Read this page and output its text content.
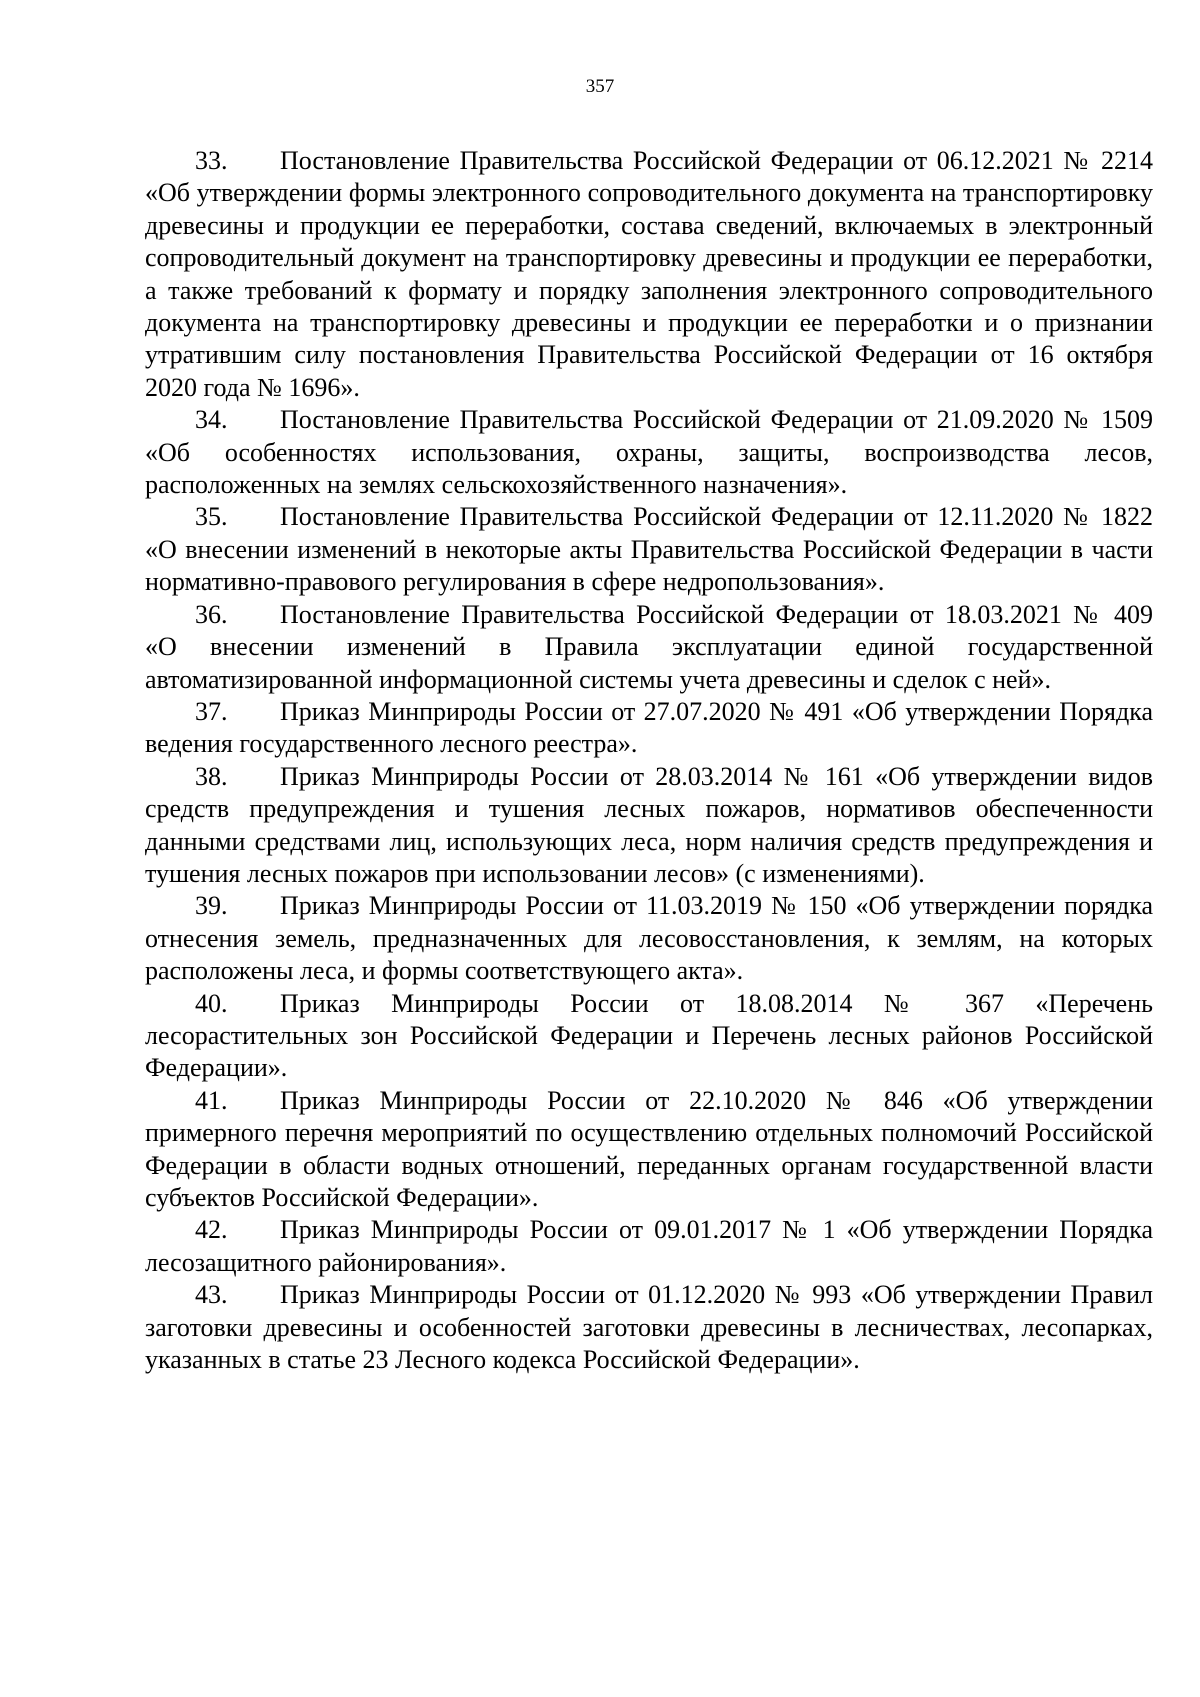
357

33. Постановление Правительства Российской Федерации от 06.12.2021 № 2214 «Об утверждении формы электронного сопроводительного документа на транспортировку древесины и продукции ее переработки, состава сведений, включаемых в электронный сопроводительный документ на транспортировку древесины и продукции ее переработки, а также требований к формату и порядку заполнения электронного сопроводительного документа на транспортировку древесины и продукции ее переработки и о признании утратившим силу постановления Правительства Российской Федерации от 16 октября 2020 года № 1696».

34. Постановление Правительства Российской Федерации от 21.09.2020 № 1509 «Об особенностях использования, охраны, защиты, воспроизводства лесов, расположенных на землях сельскохозяйственного назначения».

35. Постановление Правительства Российской Федерации от 12.11.2020 № 1822 «О внесении изменений в некоторые акты Правительства Российской Федерации в части нормативно-правового регулирования в сфере недропользования».

36. Постановление Правительства Российской Федерации от 18.03.2021 № 409 «О внесении изменений в Правила эксплуатации единой государственной автоматизированной информационной системы учета древесины и сделок с ней».

37. Приказ Минприроды России от 27.07.2020 № 491 «Об утверждении Порядка ведения государственного лесного реестра».

38. Приказ Минприроды России от 28.03.2014 № 161 «Об утверждении видов средств предупреждения и тушения лесных пожаров, нормативов обеспеченности данными средствами лиц, использующих леса, норм наличия средств предупреждения и тушения лесных пожаров при использовании лесов» (с изменениями).

39. Приказ Минприроды России от 11.03.2019 № 150 «Об утверждении порядка отнесения земель, предназначенных для лесовосстановления, к землям, на которых расположены леса, и формы соответствующего акта».

40. Приказ Минприроды России от 18.08.2014 № 367 «Перечень лесорастительных зон Российской Федерации и Перечень лесных районов Российской Федерации».

41. Приказ Минприроды России от 22.10.2020 № 846 «Об утверждении примерного перечня мероприятий по осуществлению отдельных полномочий Российской Федерации в области водных отношений, переданных органам государственной власти субъектов Российской Федерации».

42. Приказ Минприроды России от 09.01.2017 № 1 «Об утверждении Порядка лесозащитного районирования».

43. Приказ Минприроды России от 01.12.2020 № 993 «Об утверждении Правил заготовки древесины и особенностей заготовки древесины в лесничествах, лесопарках, указанных в статье 23 Лесного кодекса Российской Федерации».
